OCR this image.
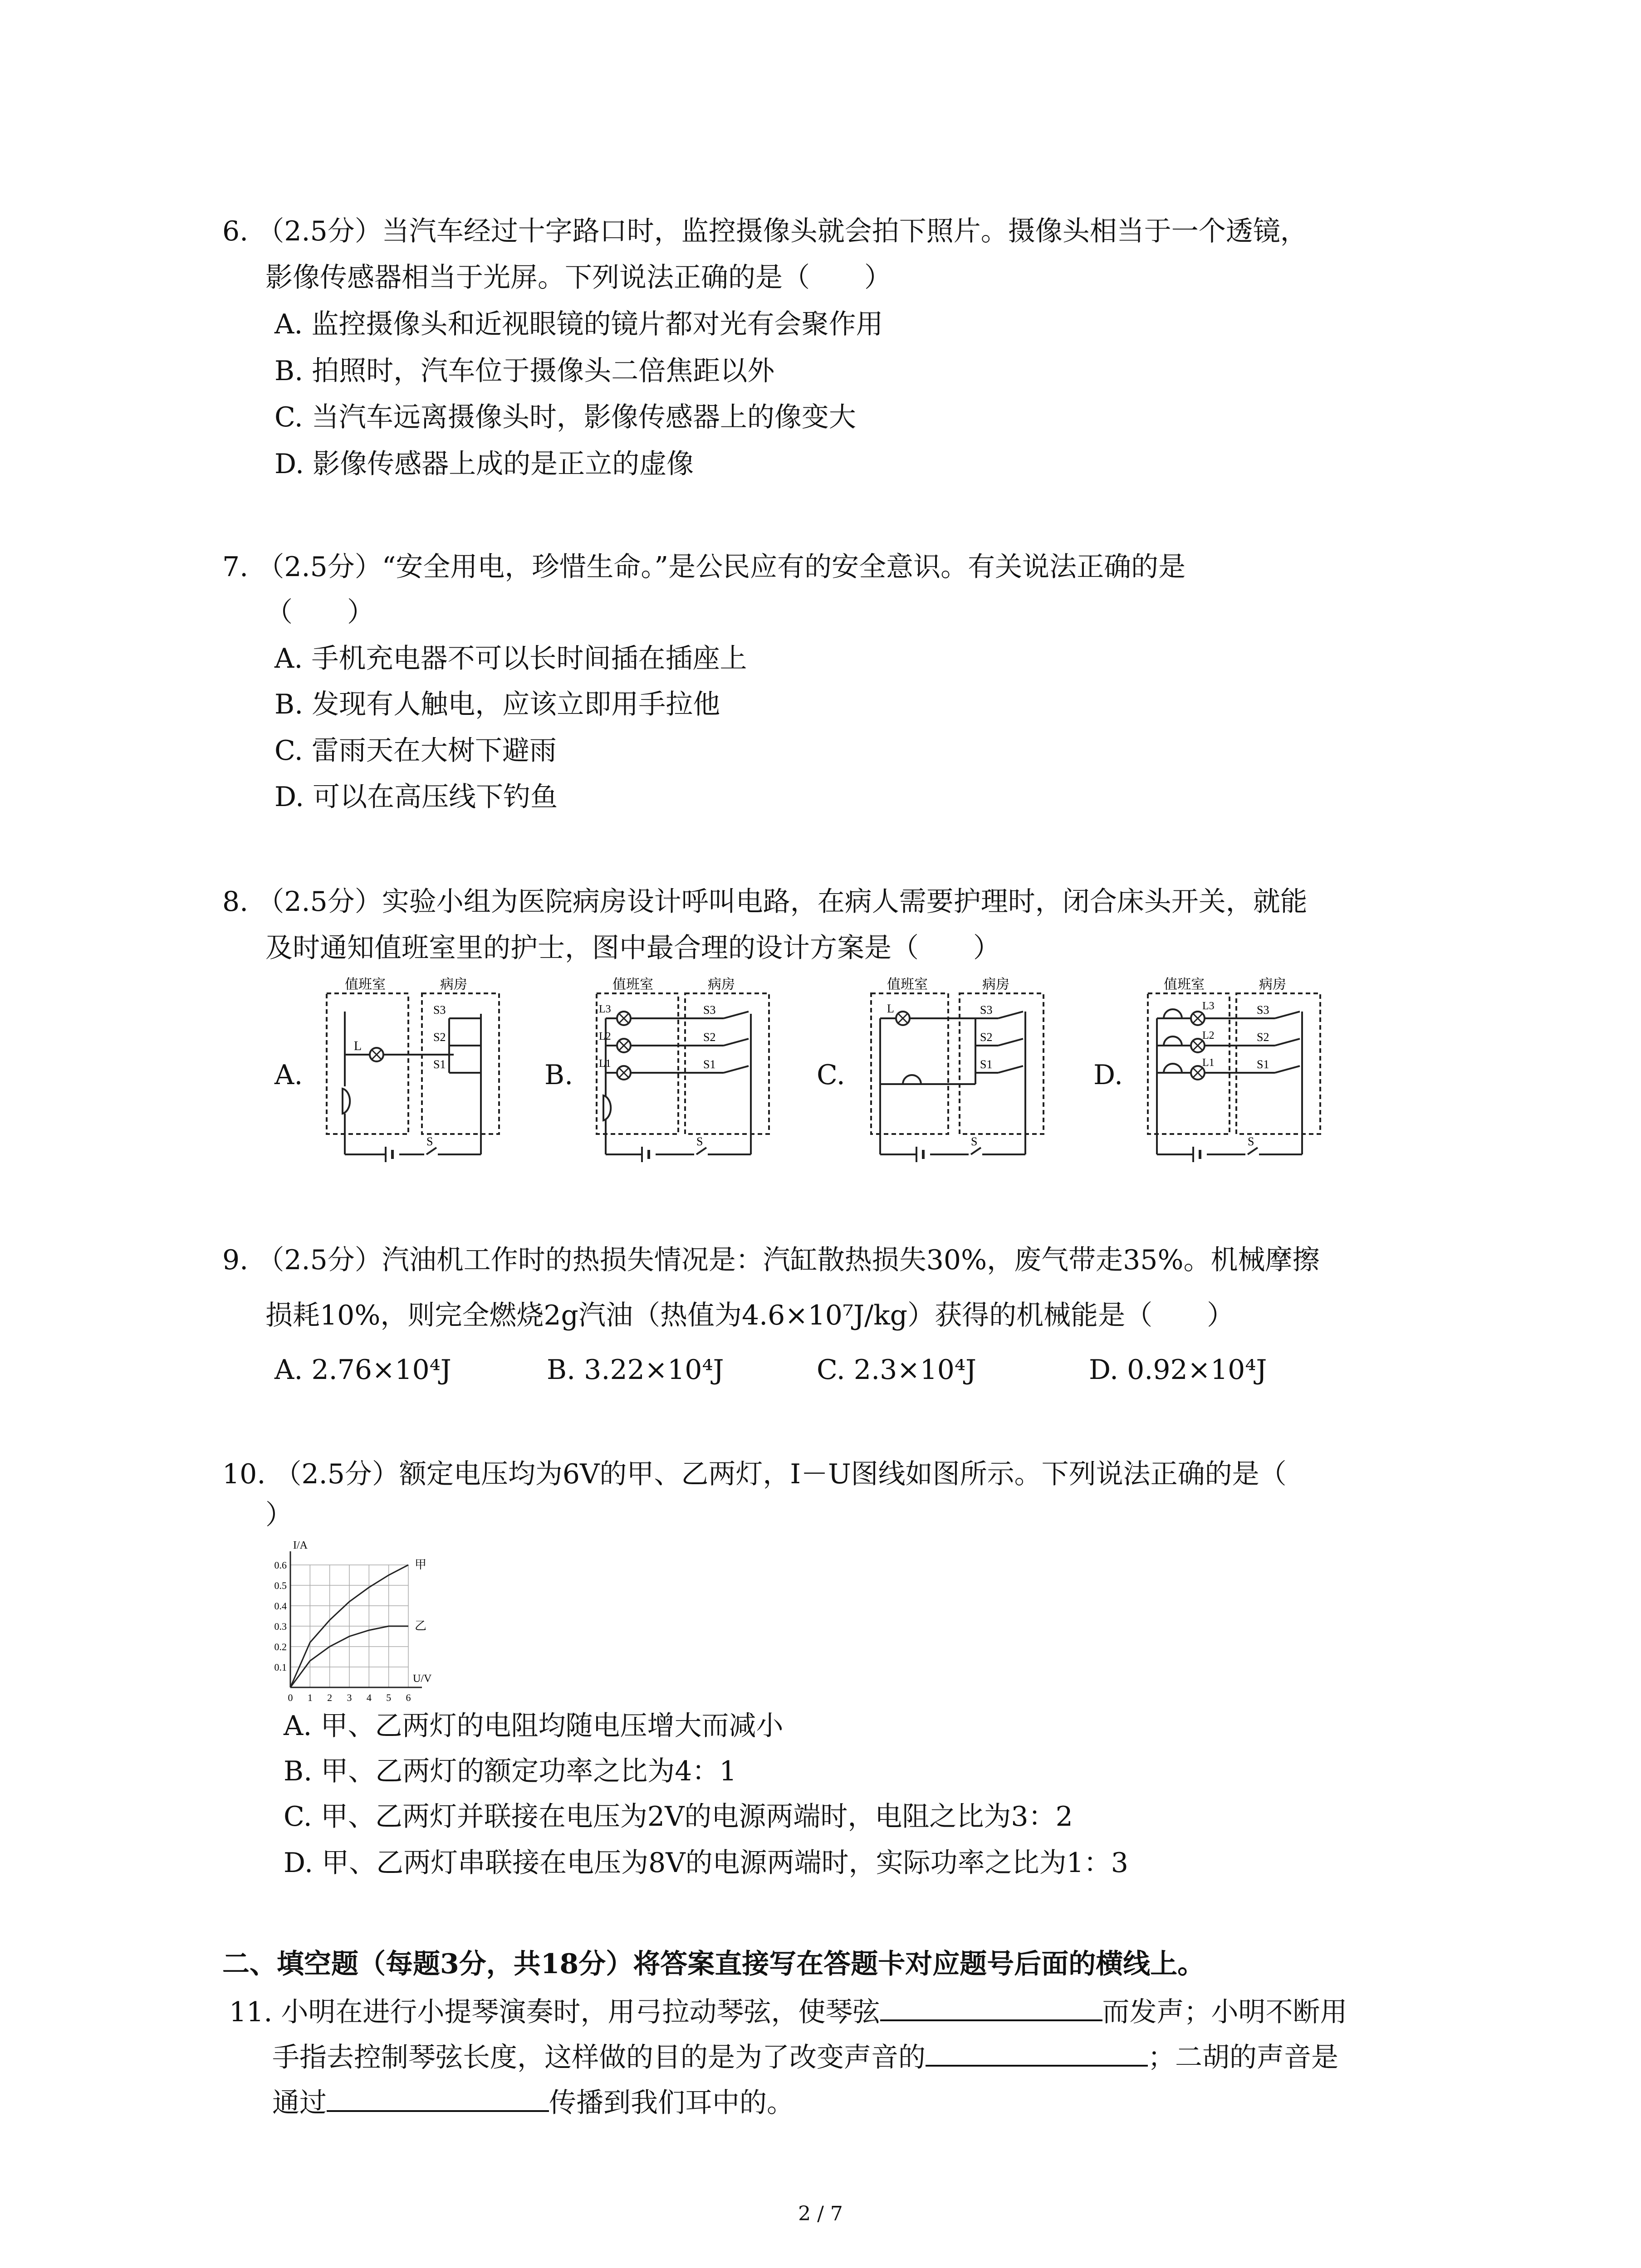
6. （2.5分）当汽车经过十字路口时，监控摄像头就会拍下照片。摄像头相当于一个透镜，
影像传感器相当于光屏。下列说法正确的是（　　）
A. 监控摄像头和近视眼镜的镜片都对光有会聚作用
B. 拍照时，汽车位于摄像头二倍焦距以外
C. 当汽车远离摄像头时，影像传感器上的像变大
D. 影像传感器上成的是正立的虚像
7. （2.5分）“安全用电，珍惜生命。”是公民应有的安全意识。有关说法正确的是
（　　）
A. 手机充电器不可以长时间插在插座上
B. 发现有人触电，应该立即用手拉他
C. 雷雨天在大树下避雨
D. 可以在高压线下钓鱼
8. （2.5分）实验小组为医院病房设计呼叫电路，在病人需要护理时，闭合床头开关，就能
及时通知值班室里的护士，图中最合理的设计方案是（　　）
A.
值班室	病房
L
S3
S2
S1
S
B.
值班室	病房
L3
L2
L1
S3
S2
S1
S
C.
值班室	病房
L	S3
S2
S1
S
D.
值班室	病房
L3
L2
L1
S3
S2
S1
S
9. （2.5分）汽油机工作时的热损失情况是：汽缸散热损失30%，废气带走35%。机械摩擦
损耗10%，则完全燃烧2g汽油（热值为4.6×10⁷J/kg）获得的机械能是（　　）
A. 2.76×10⁴J	B. 3.22×10⁴J	C. 2.3×10⁴J	D. 0.92×10⁴J
10. （2.5分）额定电压均为6V的甲、乙两灯，I－U图线如图所示。下列说法正确的是（
）
I/A
U/V
0.1
0.2
0.3
0.4
0.5
0.6
0 1 2 3 4 5 6
甲
乙
A. 甲、乙两灯的电阻均随电压增大而减小
B. 甲、乙两灯的额定功率之比为4：1
C. 甲、乙两灯并联接在电压为2V的电源两端时，电阻之比为3：2
D. 甲、乙两灯串联接在电压为8V的电源两端时，实际功率之比为1：3
二、填空题（每题3分，共18分）将答案直接写在答题卡对应题号后面的横线上。
11. 小明在进行小提琴演奏时，用弓拉动琴弦，使琴弦	而发声；小明不断用
手指去控制琴弦长度，这样做的目的是为了改变声音的	；二胡的声音是
通过	传播到我们耳中的。
2 / 7
